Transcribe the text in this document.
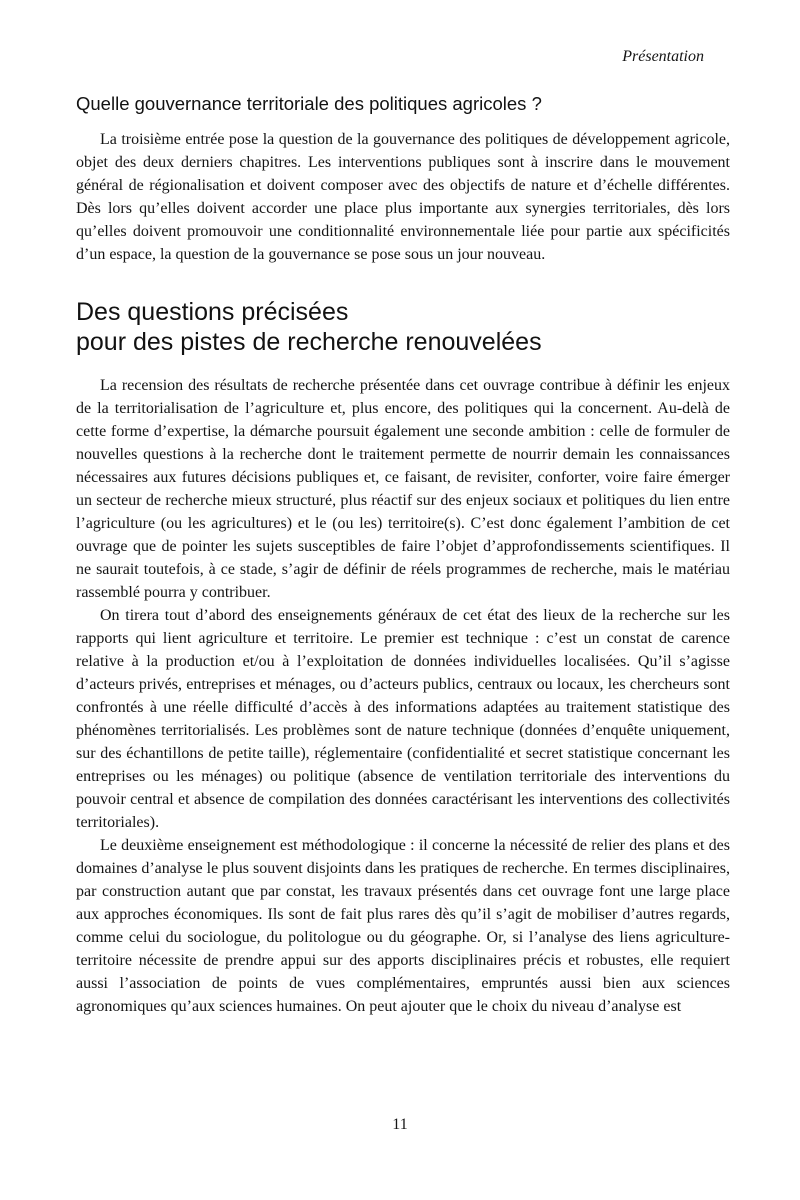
Présentation
Quelle gouvernance territoriale des politiques agricoles ?

La troisième entrée pose la question de la gouvernance des politiques de développement agricole, objet des deux derniers chapitres. Les interventions publiques sont à inscrire dans le mouvement général de régionalisation et doivent composer avec des objectifs de nature et d’échelle différentes. Dès lors qu’elles doivent accorder une place plus importante aux synergies territoriales, dès lors qu’elles doivent promouvoir une conditionnalité environnementale liée pour partie aux spécificités d’un espace, la question de la gouvernance se pose sous un jour nouveau.

Des questions précisées
pour des pistes de recherche renouvelées

La recension des résultats de recherche présentée dans cet ouvrage contribue à définir les enjeux de la territorialisation de l’agriculture et, plus encore, des politiques qui la concernent. Au-delà de cette forme d’expertise, la démarche poursuit également une seconde ambition : celle de formuler de nouvelles questions à la recherche dont le traitement permette de nourrir demain les connaissances nécessaires aux futures décisions publiques et, ce faisant, de revisiter, conforter, voire faire émerger un secteur de recherche mieux structuré, plus réactif sur des enjeux sociaux et politiques du lien entre l’agriculture (ou les agricultures) et le (ou les) territoire(s). C’est donc également l’ambition de cet ouvrage que de pointer les sujets susceptibles de faire l’objet d’approfondissements scientifiques. Il ne saurait toutefois, à ce stade, s’agir de définir de réels programmes de recherche, mais le matériau rassemblé pourra y contribuer.

On tirera tout d’abord des enseignements généraux de cet état des lieux de la recherche sur les rapports qui lient agriculture et territoire. Le premier est technique : c’est un constat de carence relative à la production et/ou à l’exploitation de données individuelles localisées. Qu’il s’agisse d’acteurs privés, entreprises et ménages, ou d’acteurs publics, centraux ou locaux, les chercheurs sont confrontés à une réelle difficulté d’accès à des informations adaptées au traitement statistique des phénomènes territorialisés. Les problèmes sont de nature technique (données d’enquête uniquement, sur des échantillons de petite taille), réglementaire (confidentialité et secret statistique concernant les entreprises ou les ménages) ou politique (absence de ventilation territoriale des interventions du pouvoir central et absence de compilation des données caractérisant les interventions des collectivités territoriales).

Le deuxième enseignement est méthodologique : il concerne la nécessité de relier des plans et des domaines d’analyse le plus souvent disjoints dans les pratiques de recherche. En termes disciplinaires, par construction autant que par constat, les travaux présentés dans cet ouvrage font une large place aux approches économiques. Ils sont de fait plus rares dès qu’il s’agit de mobiliser d’autres regards, comme celui du sociologue, du politologue ou du géographe. Or, si l’analyse des liens agriculture-territoire nécessite de prendre appui sur des apports disciplinaires précis et robustes, elle requiert aussi l’association de points de vues complémentaires, empruntés aussi bien aux sciences agronomiques qu’aux sciences humaines. On peut ajouter que le choix du niveau d’analyse est

11
